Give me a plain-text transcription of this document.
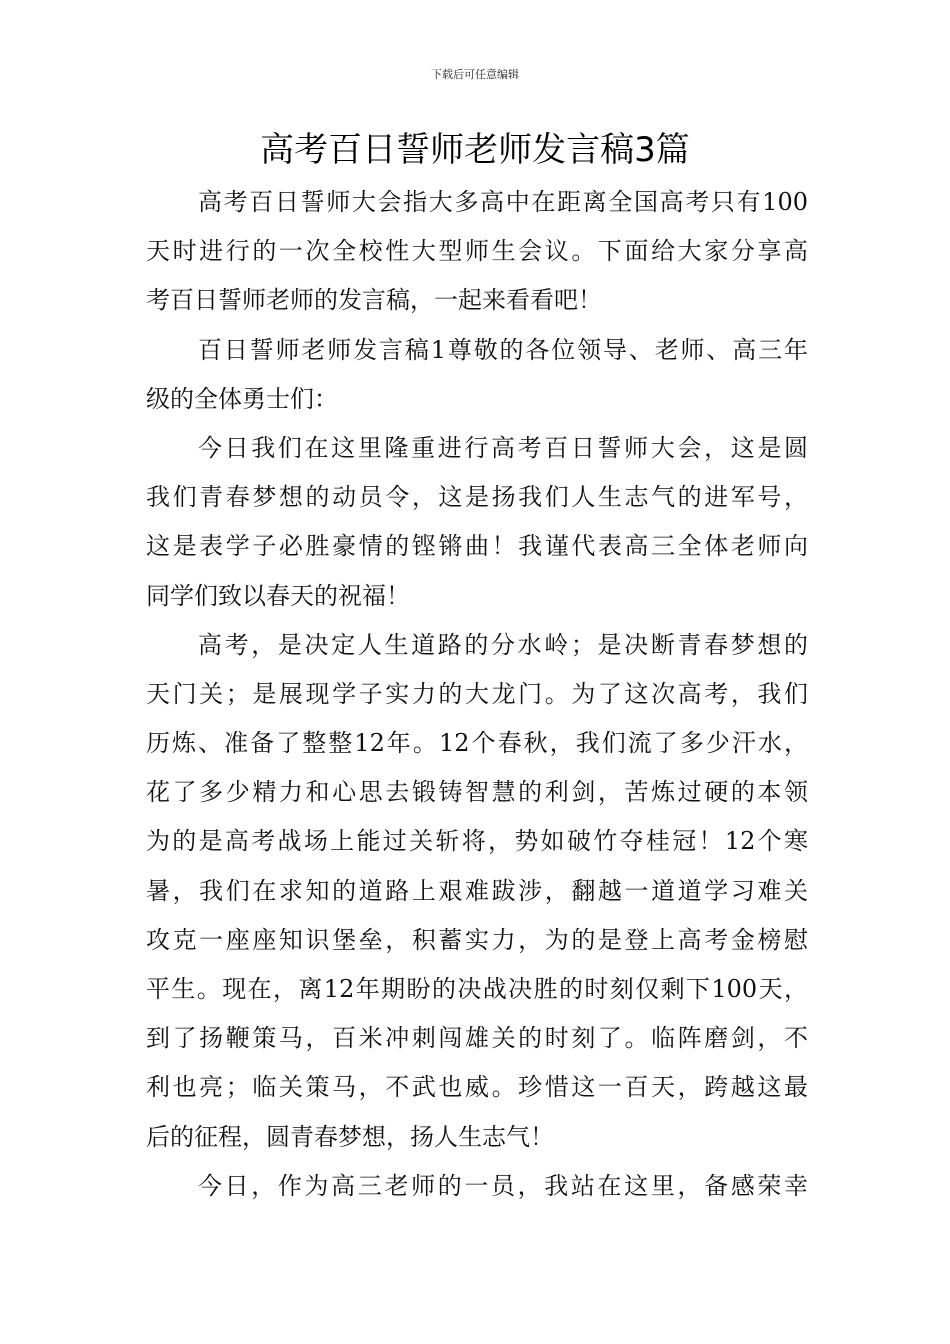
下载后可任意编辑
高考百日誓师老师发言稿3篇
高考百日誓师大会指大多高中在距离全国高考只有100
天时进行的一次全校性大型师生会议。下面给大家分享高
考百日誓师老师的发言稿，一起来看看吧！
百日誓师老师发言稿1尊敬的各位领导、老师、高三年
级的全体勇士们：
今日我们在这里隆重进行高考百日誓师大会，这是圆
我们青春梦想的动员令，这是扬我们人生志气的进军号，
这是表学子必胜豪情的铿锵曲！我谨代表高三全体老师向
同学们致以春天的祝福！
高考，是决定人生道路的分水岭；是决断青春梦想的
天门关；是展现学子实力的大龙门。为了这次高考，我们
历炼、准备了整整12年。12个春秋，我们流了多少汗水，
花了多少精力和心思去锻铸智慧的利剑，苦炼过硬的本领
为的是高考战场上能过关斩将，势如破竹夺桂冠！12个寒
暑，我们在求知的道路上艰难跋涉，翻越一道道学习难关
攻克一座座知识堡垒，积蓄实力，为的是登上高考金榜慰
平生。现在，离12年期盼的决战决胜的时刻仅剩下100天，
到了扬鞭策马，百米冲刺闯雄关的时刻了。临阵磨剑，不
利也亮；临关策马，不武也威。珍惜这一百天，跨越这最
后的征程，圆青春梦想，扬人生志气！
今日，作为高三老师的一员，我站在这里，备感荣幸
